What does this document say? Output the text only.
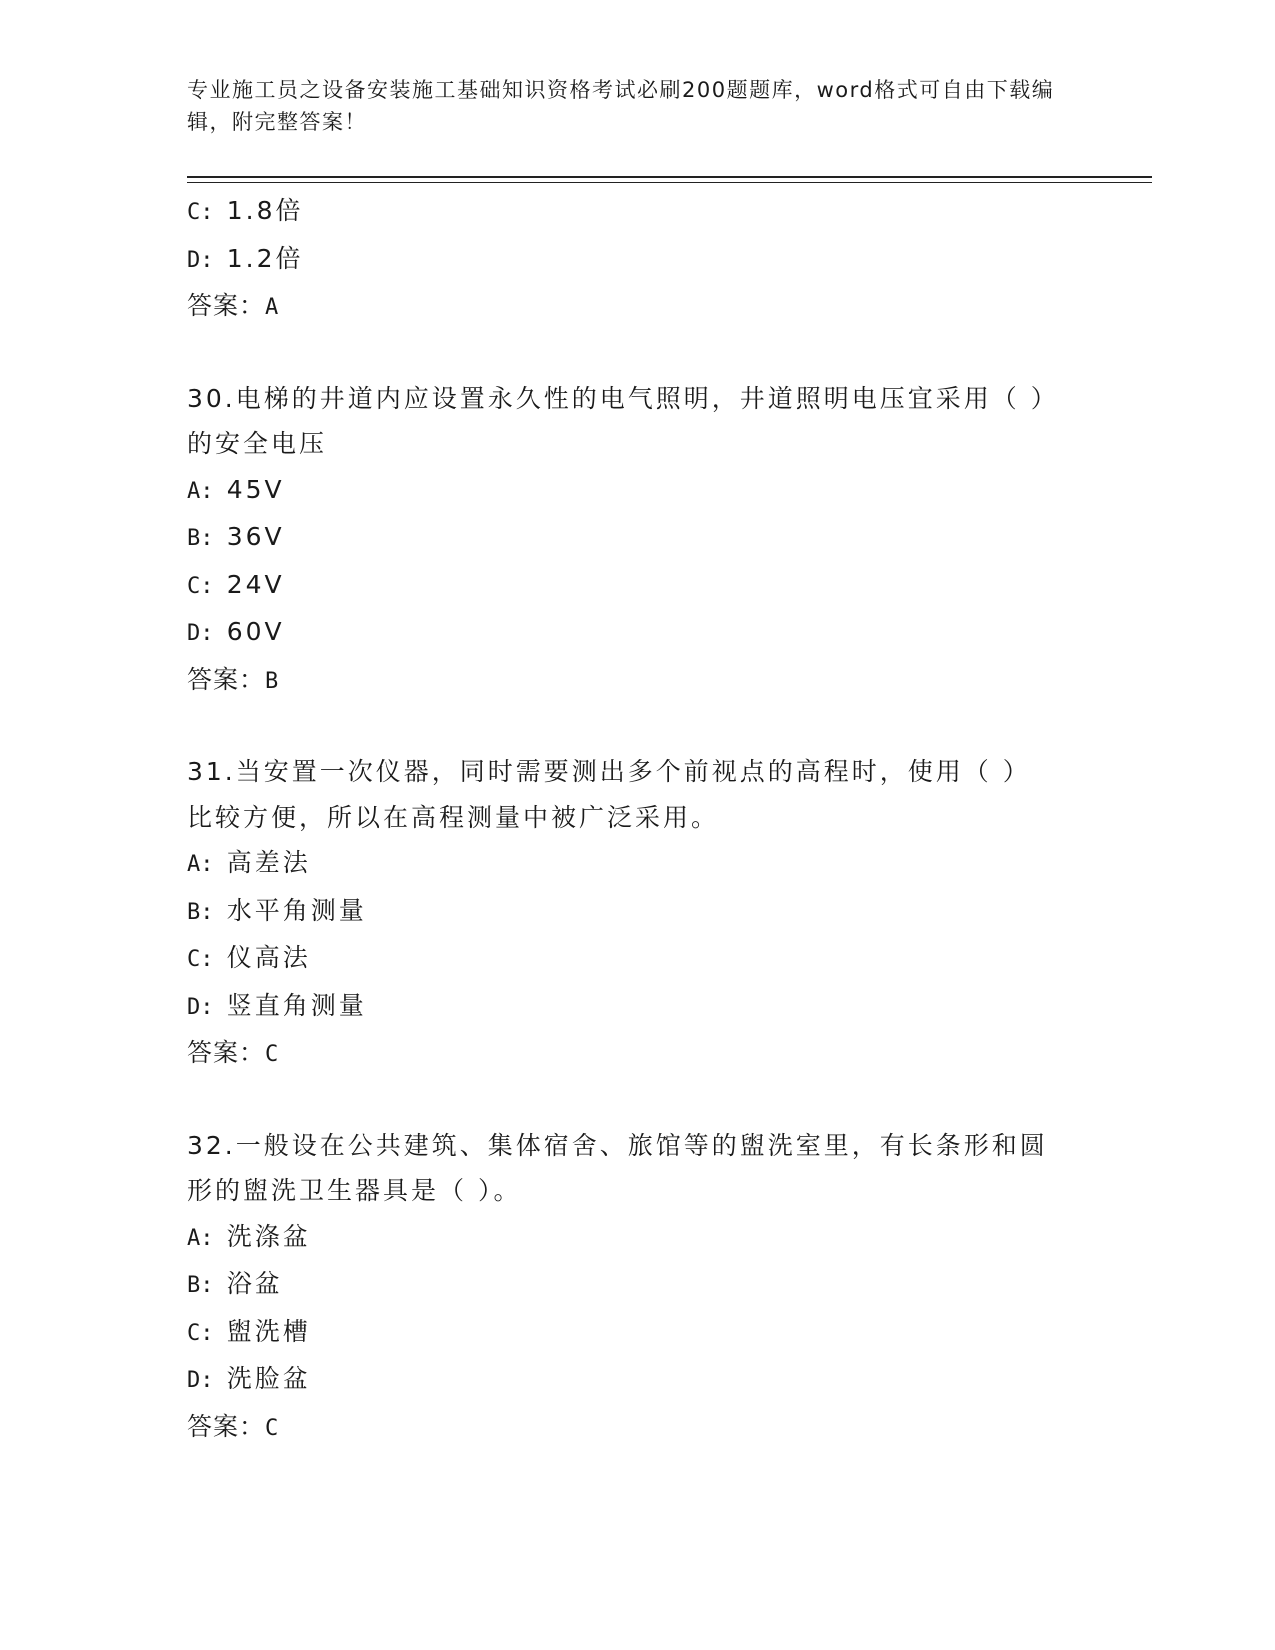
专业施工员之设备安装施工基础知识资格考试必刷200题题库，word格式可自由下载编辑，附完整答案！
C: 1.8倍
D: 1.2倍
答案：A
30.电梯的井道内应设置永久性的电气照明，井道照明电压宜采用（ ）的安全电压
A: 45V
B: 36V
C: 24V
D: 60V
答案：B
31.当安置一次仪器，同时需要测出多个前视点的高程时，使用（ ）比较方便，所以在高程测量中被广泛采用。
A: 高差法
B: 水平角测量
C: 仪高法
D: 竖直角测量
答案：C
32.一般设在公共建筑、集体宿舍、旅馆等的盥洗室里，有长条形和圆形的盥洗卫生器具是（ ）。
A: 洗涤盆
B: 浴盆
C: 盥洗槽
D: 洗脸盆
答案：C
